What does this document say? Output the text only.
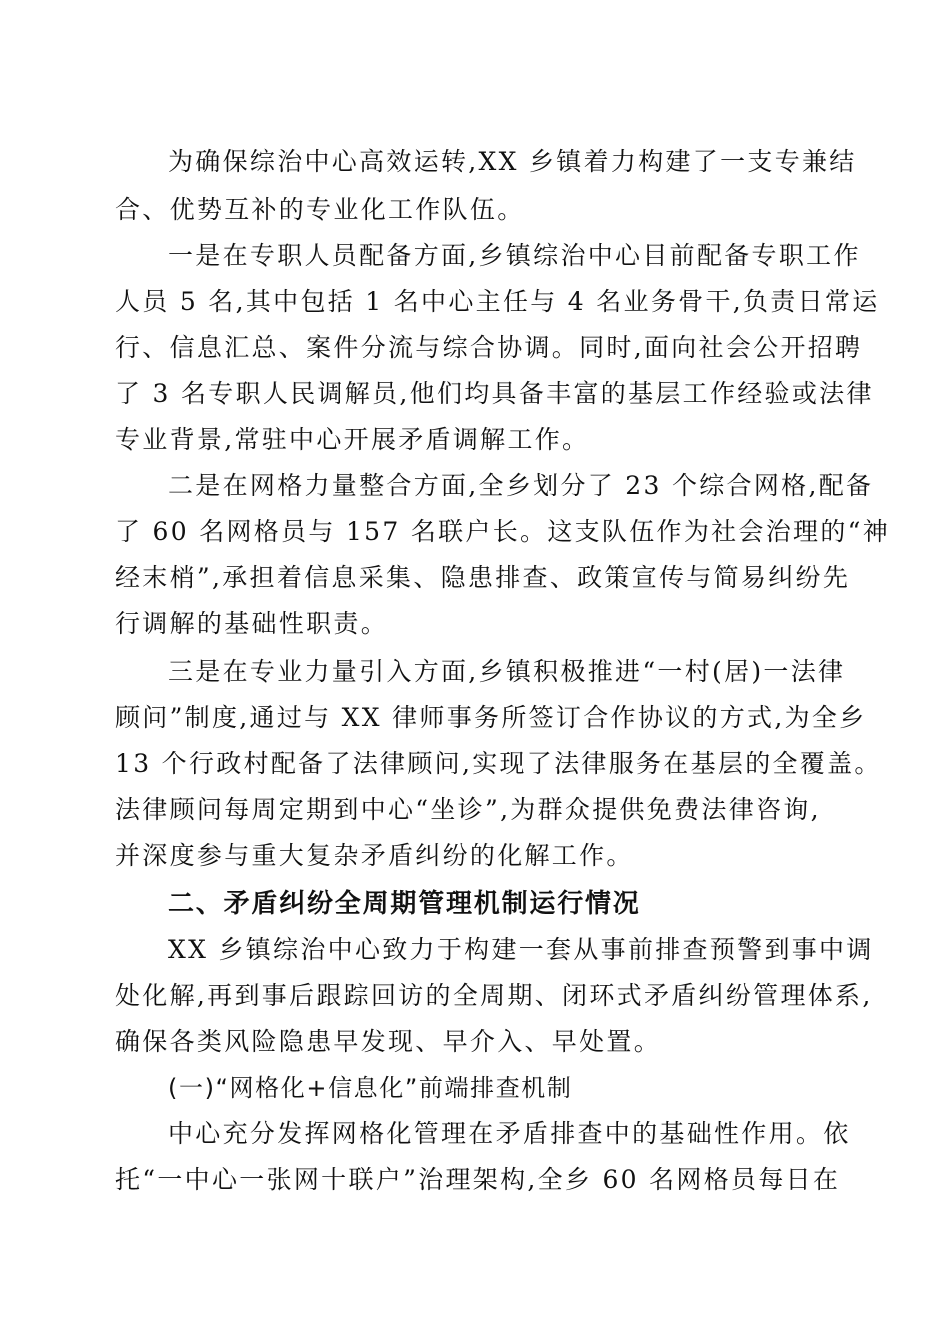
为确保综治中心高效运转,XX 乡镇着力构建了一支专兼结
合、优势互补的专业化工作队伍。
一是在专职人员配备方面,乡镇综治中心目前配备专职工作
人员 5 名,其中包括 1 名中心主任与 4 名业务骨干,负责日常运
行、信息汇总、案件分流与综合协调。同时,面向社会公开招聘
了 3 名专职人民调解员,他们均具备丰富的基层工作经验或法律
专业背景,常驻中心开展矛盾调解工作。
二是在网格力量整合方面,全乡划分了 23 个综合网格,配备
了 60 名网格员与 157 名联户长。这支队伍作为社会治理的“神
经末梢”,承担着信息采集、隐患排查、政策宣传与简易纠纷先
行调解的基础性职责。
三是在专业力量引入方面,乡镇积极推进“一村(居)一法律
顾问”制度,通过与 XX 律师事务所签订合作协议的方式,为全乡
13 个行政村配备了法律顾问,实现了法律服务在基层的全覆盖。
法律顾问每周定期到中心“坐诊”,为群众提供免费法律咨询,
并深度参与重大复杂矛盾纠纷的化解工作。
二、矛盾纠纷全周期管理机制运行情况
XX 乡镇综治中心致力于构建一套从事前排查预警到事中调
处化解,再到事后跟踪回访的全周期、闭环式矛盾纠纷管理体系,
确保各类风险隐患早发现、早介入、早处置。
(一)“网格化+信息化”前端排查机制
中心充分发挥网格化管理在矛盾排查中的基础性作用。依
托“一中心一张网十联户”治理架构,全乡 60 名网格员每日在
